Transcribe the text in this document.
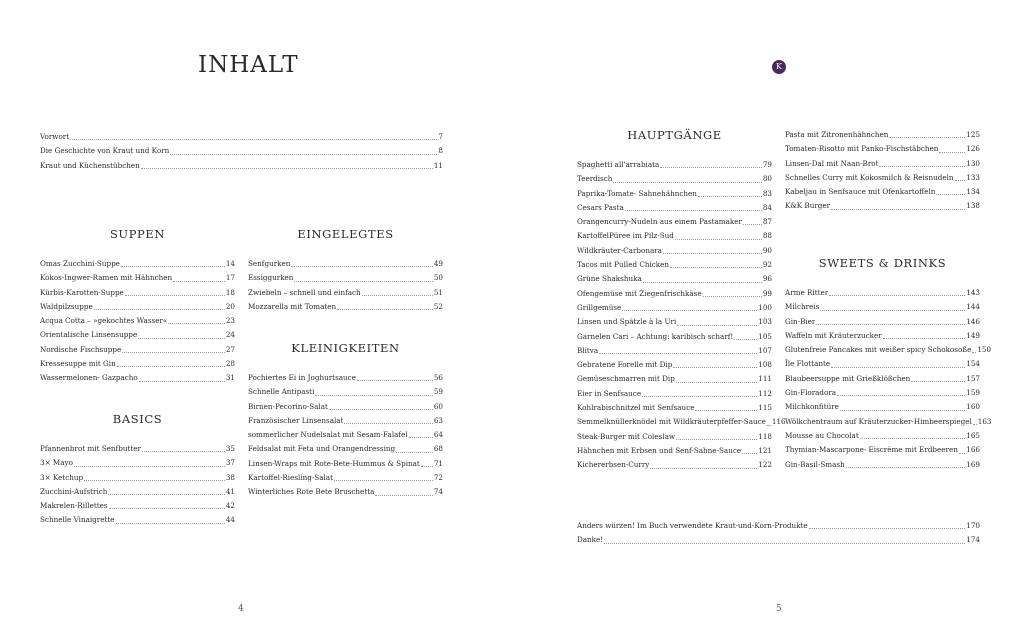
INHALT
Vorwort	7
Die Geschichte von Kraut und Korn	8
Kraut und Küchenstübchen	11
SUPPEN
Omas Zucchini-Suppe	14
Kokos-Ingwer-Ramen mit Hähnchen	17
Kürbis-Karotten-Suppe	18
Waldpilzsuppe	20
Acqua Cotta – »gekochtes Wasser«	23
Orientalische Linsensuppe	24
Nordische Fischsuppe	27
Kressesuppe mit Gin	28
Wassermelonen- Gazpacho	31
BASICS
Pfannenbrot mit Senfbutter	35
3× Mayo	37
3× Ketchup	38
Zucchini-Aufstrich	41
Makrelen-Rillettes	42
Schnelle Vinaigrette	44
EINGELEGTES
Senfgurken	49
Essiggurken	50
Zwiebeln – schnell und einfach	51
Mozzarella mit Tomaten	52
KLEINIGKEITEN
Pochiertes Ei in Joghurtsauce	56
Schnelle Antipasti	59
Birnen-Pecorino-Salat	60
Französischer Linsensalat	63
sommerlicher Nudelsalat mit Sesam-Falafel	64
Feldsalat mit Feta und Orangendressing	68
Linsen-Wraps mit Rote-Bete-Hummus & Spinat 71
Kartoffel-Riesling-Salat	72
Winterliches Rote Bete Bruschetta	74
4
K
HAUPTGÄNGE
Spaghetti all'arrabiata	79
Teerdisch	80
Paprika-Tomate- Sahnehähnchen	83
Cesars Pasta	84
Orangencurry-Nudeln aus einem Pastamaker	87
KartoffelPüree im Pilz-Sud	88
Wildkräuter-Carbonara	90
Tacos mit Pulled Chicken	92
Grüne Shakshuka	96
Ofengemüse mit Ziegenfrischkäse	99
Grillgemüse	100
Linsen und Spätzle à la Uri	103
Garnelen Cari – Achtung: karibisch scharf!	105
Blitva	107
Gebratene Forelle mit Dip	108
Gemüseschmarren mit Dip	111
Eier in Senfsauce	112
Kohlrabischnitzel mit Senfsauce	115
Semmelknüllerknödel mit Wildkräuterpfeffer-Sauce 116
Steak-Burger mit Coleslaw	118
Hähnchen mit Erbsen und Senf-Sahne-Sauce 121
Kichererbsen-Curry	122
Pasta mit Zitronenhähnchen	125
Tomaten-Risotto mit Panko-Fischstäbchen	126
Linsen-Dal mit Naan-Brot	130
Schnelles Curry mit Kokosmilch & Reisnudeln 133
Kabeljau in Senfsauce mit Ofenkartoffeln	134
K&K Burger	138
SWEETS & DRINKS
Arme Ritter	143
Milchreis	144
Gin-Bier	146
Waffeln mit Kräuterzucker	149
Glutenfreie Pancakes mit weißer spicy Schokosoße 150
Île Flottante	154
Blaubeersuppe mit Grießklößchen	157
Gin-Floradora	159
Milchkonfitüre	160
Wölkchentraum auf Kräuterzucker-Himbeerspiegel 163
Mousse au Chocolat	165
Thymian-Mascarpone- Eiscrème mit Erdbeeren 166
Gin-Basil-Smash	169
Anders würzen! Im Buch verwendete Kraut-und-Korn-Produkte	170
Danke!	174
5
